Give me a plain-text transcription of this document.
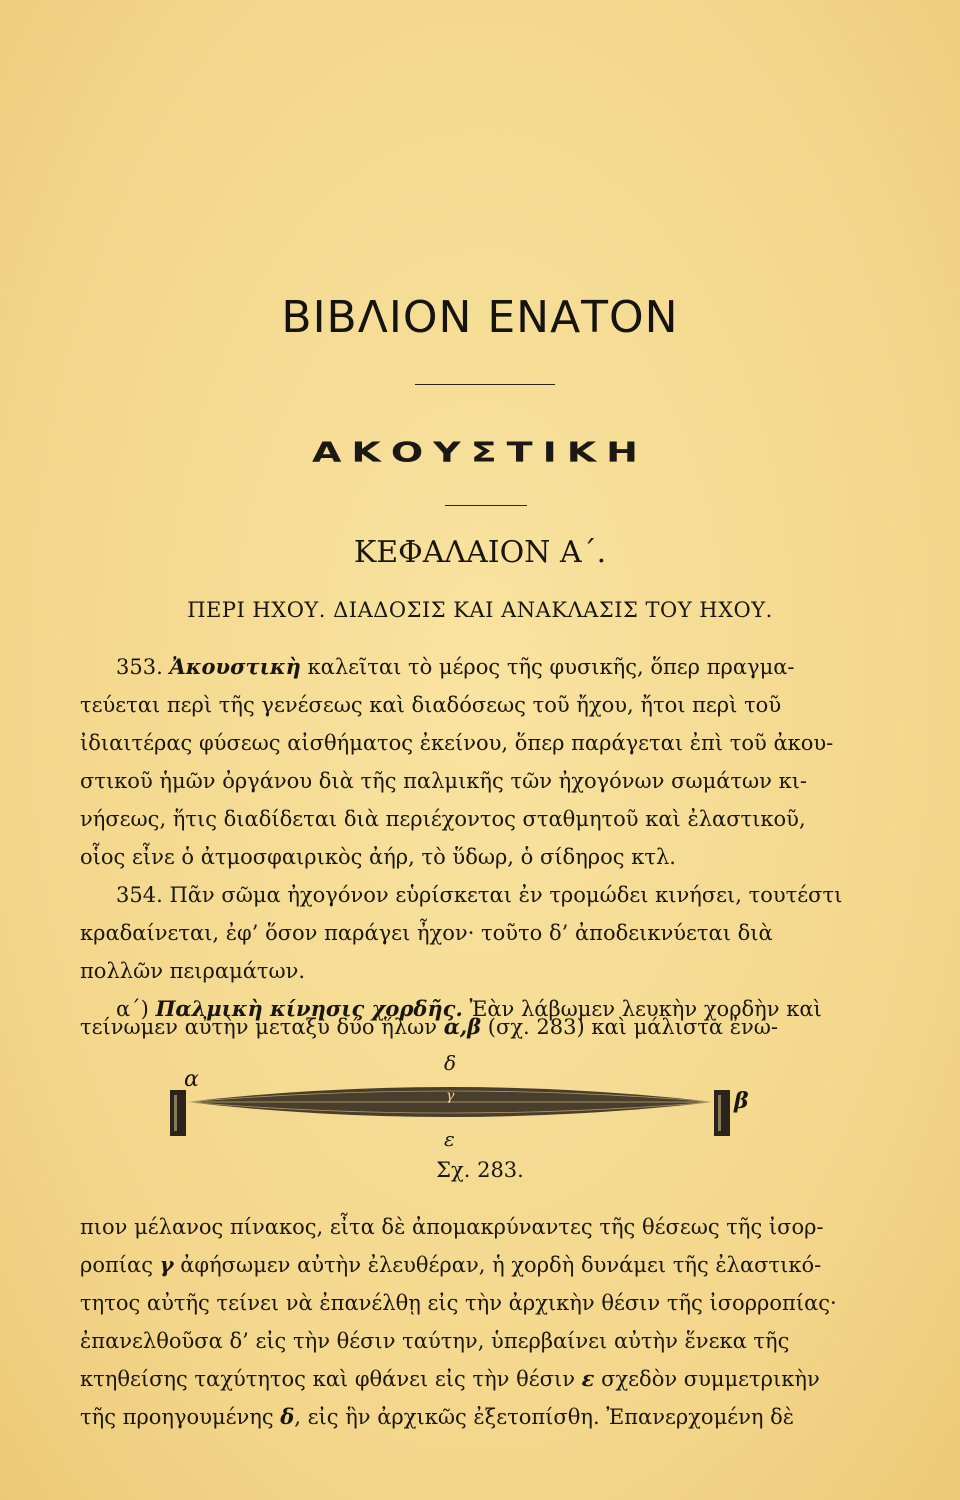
ΒΙΒΛΙΟΝ ΕΝΑΤΟΝ
ΑΚΟΥΣΤΙΚΗ
ΚΕΦΑΛΑΙΟΝ Α΄.
ΠΕΡΙ ΗΧΟΥ. ΔΙΑΔΟΣΙΣ ΚΑΙ ΑΝΑΚΛΑΣΙΣ ΤΟΥ ΗΧΟΥ.
353. Ἀκουστικὴ καλεῖται τὸ μέρος τῆς φυσικῆς, ὅπερ πραγμα-
τεύεται περὶ τῆς γενέσεως καὶ διαδόσεως τοῦ ἤχου, ἤτοι περὶ τοῦ
ἰδιαιτέρας φύσεως αἰσθήματος ἐκείνου, ὅπερ παράγεται ἐπὶ τοῦ ἀκου-
στικοῦ ἡμῶν ὀργάνου διὰ τῆς παλμικῆς τῶν ἠχογόνων σωμάτων κι-
νήσεως, ἥτις διαδίδεται διὰ περιέχοντος σταθμητοῦ καὶ ἐλαστικοῦ,
οἷος εἶνε ὁ ἀτμοσφαιρικὸς ἀήρ, τὸ ὕδωρ, ὁ σίδηρος κτλ.
354. Πᾶν σῶμα ἠχογόνον εὑρίσκεται ἐν τρομώδει κινήσει, τουτέστι
κραδαίνεται, ἐφ’ ὅσον παράγει ἦχον· τοῦτο δ’ ἀποδεικνύεται διὰ
πολλῶν πειραμάτων.
α΄) Παλμικὴ κίνησις χορδῆς. Ἐὰν λάβωμεν λευκὴν χορδὴν καὶ
τείνωμεν αὐτὴν μεταξὺ δύο ἥλων α,β (σχ. 283) καὶ μάλιστα ἐνώ-
α
β
δ
γ
ε
Σχ. 283.
πιον μέλανος πίνακος, εἶτα δὲ ἀπομακρύναντες τῆς θέσεως τῆς ἰσορ-
ροπίας γ ἀφήσωμεν αὐτὴν ἐλευθέραν, ἡ χορδὴ δυνάμει τῆς ἐλαστικό-
τητος αὐτῆς τείνει νὰ ἐπανέλθῃ εἰς τὴν ἀρχικὴν θέσιν τῆς ἰσορροπίας·
ἐπανελθοῦσα δ’ εἰς τὴν θέσιν ταύτην, ὑπερβαίνει αὐτὴν ἕνεκα τῆς
κτηθείσης ταχύτητος καὶ φθάνει εἰς τὴν θέσιν ε σχεδὸν συμμετρικὴν
τῆς προηγουμένης δ, εἰς ἣν ἀρχικῶς ἐξετοπίσθη. Ἐπανερχομένη δὲ
